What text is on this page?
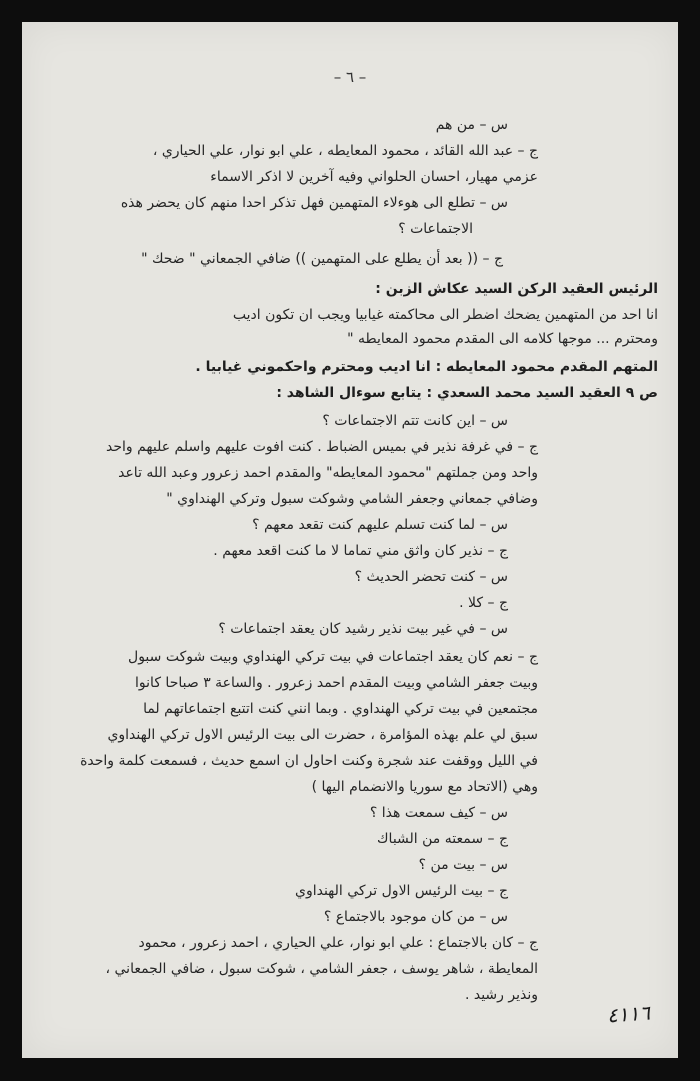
– ٦ –
س – من هم
ج – عبد الله القائد ، محمود المعايطه ، علي ابو نوار، علي الحياري ،
عزمي مهيار، احسان الحلواني وفيه آخرين لا اذكر الاسماء
س – تطلع الى هوءلاء المتهمين فهل تذكر احدا منهم كان يحضر هذه
الاجتماعات ؟
ج – (( بعد أن يطلع على المتهمين )) ضافي الجمعاني " ضحك "
الرئيس العقيد الركن السيد عكاش الزبن :
انا احد من المتهمين يضحك اضطر الى محاكمته غيابيا ويجب ان تكون اديب
ومحترم ... موجها كلامه الى المقدم محمود المعايطه "
المتهم المقدم محمود المعايطه : انا اديب ومحترم واحكموني غيابيا .
ص ٩ العقيد السيد محمد السعدي : يتابع سوءال الشاهد :
س – اين كانت تتم الاجتماعات ؟
ج – في غرفة نذير في بميس الضباط . كنت افوت عليهم واسلم عليهم واحد
واحد ومن جملتهم "محمود المعايطه" والمقدم احمد زعرور وعبد الله تاعد
وضافي جمعاني وجعفر الشامي وشوكت سبول وتركي الهنداوي "
س – لما كنت تسلم عليهم كنت تقعد معهم ؟
ج – نذير كان واثق مني تماما لا ما كنت اقعد معهم .
س – كنت تحضر الحديث ؟
ج – كلا .
س – في غير بيت نذير رشيد كان يعقد اجتماعات ؟
ج – نعم كان يعقد اجتماعات في بيت تركي الهنداوي وبيت شوكت سبول
وبيت جعفر الشامي وبيت المقدم احمد زعرور . والساعة ٣ صباحا كانوا
مجتمعين في بيت تركي الهنداوي . وبما انني كنت اتتبع اجتماعاتهم لما
سبق لي علم بهذه المؤامرة ، حضرت الى بيت الرئيس الاول تركي الهنداوي
في الليل ووقفت عند شجرة وكنت احاول ان اسمع حديث ، فسمعت كلمة واحدة
وهي (الاتحاد مع سوريا والانضمام اليها )
س – كيف سمعت هذا ؟
ج – سمعته من الشباك
س – بيت من ؟
ج – بيت الرئيس الاول تركي الهنداوي
س – من كان موجود بالاجتماع ؟
ج – كان بالاجتماع : علي ابو نوار، علي الحياري ، احمد زعرور ، محمود
المعايطة ، شاهر يوسف ، جعفر الشامي ، شوكت سبول ، ضافي الجمعاني ،
ونذير رشيد .
٤١١٦
